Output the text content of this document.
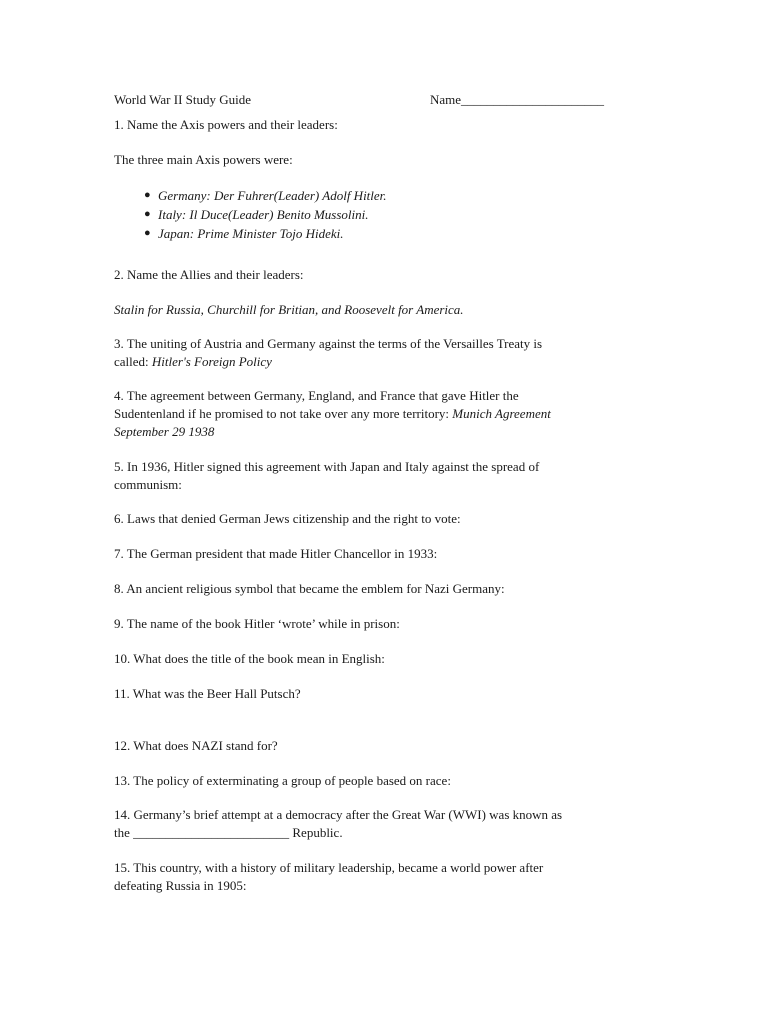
World War II Study Guide	Name______________________

1. Name the Axis powers and their leaders:

The three main Axis powers were:

● Germany: Der Fuhrer(Leader) Adolf Hitler.
● Italy: Il Duce(Leader) Benito Mussolini.
● Japan: Prime Minister Tojo Hideki.

2. Name the Allies and their leaders:

Stalin for Russia, Churchill for Britian, and Roosevelt for America.

3. The uniting of Austria and Germany against the terms of the Versailles Treaty is
called: Hitler's Foreign Policy

4. The agreement between Germany, England, and France that gave Hitler the
Sudentenland if he promised to not take over any more territory: Munich Agreement
September 29 1938

5. In 1936, Hitler signed this agreement with Japan and Italy against the spread of
communism:

6. Laws that denied German Jews citizenship and the right to vote:

7. The German president that made Hitler Chancellor in 1933:

8. An ancient religious symbol that became the emblem for Nazi Germany:

9. The name of the book Hitler ‘wrote’ while in prison:

10. What does the title of the book mean in English:

11. What was the Beer Hall Putsch?

12. What does NAZI stand for?

13. The policy of exterminating a group of people based on race:

14. Germany’s brief attempt at a democracy after the Great War (WWI) was known as
the ________________________ Republic.

15. This country, with a history of military leadership, became a world power after
defeating Russia in 1905:
